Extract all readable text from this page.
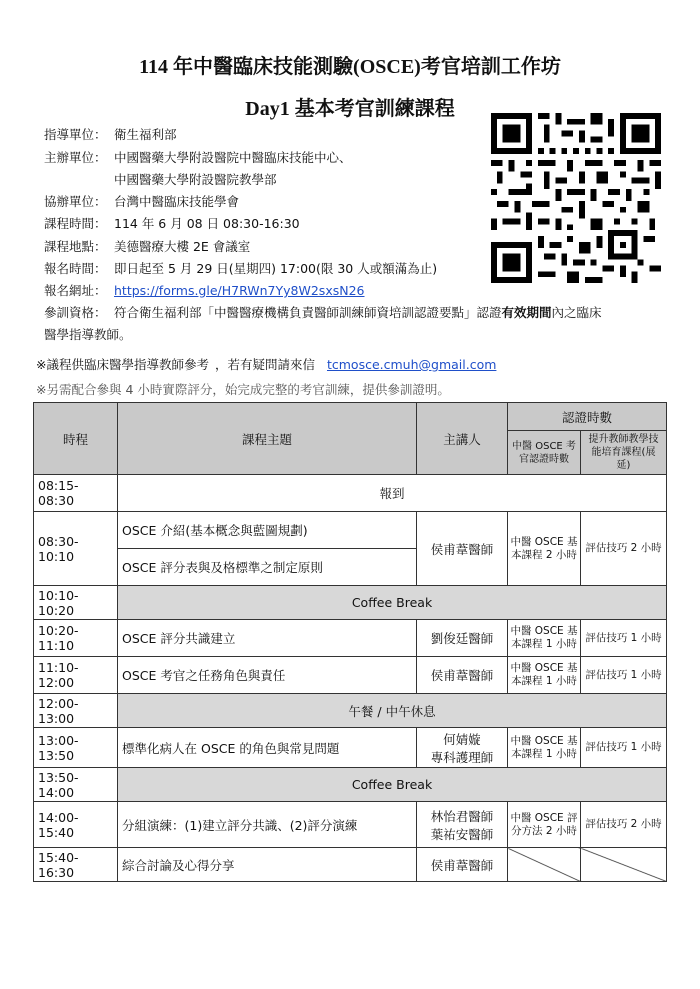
114 年中醫臨床技能測驗(OSCE)考官培訓工作坊
Day1 基本考官訓練課程
指導單位： 衛生福利部
主辦單位： 中國醫藥大學附設醫院中醫臨床技能中心、
中國醫藥大學附設醫院教學部
協辦單位： 台灣中醫臨床技能學會
課程時間： 114 年 6 月 08 日 08:30-16:30
課程地點： 美德醫療大樓 2E 會議室
報名時間： 即日起至 5 月 29 日(星期四) 17:00(限 30 人或額滿為止)
報名網址： https://forms.gle/H7RWn7Yy8W2sxsN26
參訓資格： 符合衛生福利部「中醫醫療機構負責醫師訓練師資培訓認證要點」認證有效期間內之臨床
醫學指導教師。
※議程供臨床醫學指導教師參考 ，若有疑問請來信 tcmosce.cmuh@gmail.com
※另需配合參與 4 小時實際評分，始完成完整的考官訓練，提供參訓證明。
時程	課程主題	主講人	認證時數	
			中醫 OSCE 考官認證時數	提升教師教學技能培育課程(展延)
08:15-08:30	報到			
08:30-10:10	OSCE 介紹(基本概念與藍圖規劃)	侯甫葦醫師	中醫 OSCE 基本課程 2 小時	評估技巧 2 小時
	OSCE 評分表與及格標準之制定原則			
10:10-10:20	Coffee Break			
10:20-11:10	OSCE 評分共識建立	劉俊廷醫師	中醫 OSCE 基本課程 1 小時	評估技巧 1 小時
11:10-12:00	OSCE 考官之任務角色與責任	侯甫葦醫師	中醫 OSCE 基本課程 1 小時	評估技巧 1 小時
12:00-13:00	午餐 / 中午休息			
13:00-13:50	標準化病人在 OSCE 的角色與常見問題	何婧嫙
專科護理師	中醫 OSCE 基本課程 1 小時	評估技巧 1 小時
13:50-14:00	Coffee Break			
14:00-15:40	分組演練：(1)建立評分共識、(2)評分演練	林怡君醫師
葉祐安醫師	中醫 OSCE 評分方法 2 小時	評估技巧 2 小時
15:40-16:30	綜合討論及心得分享	侯甫葦醫師		
